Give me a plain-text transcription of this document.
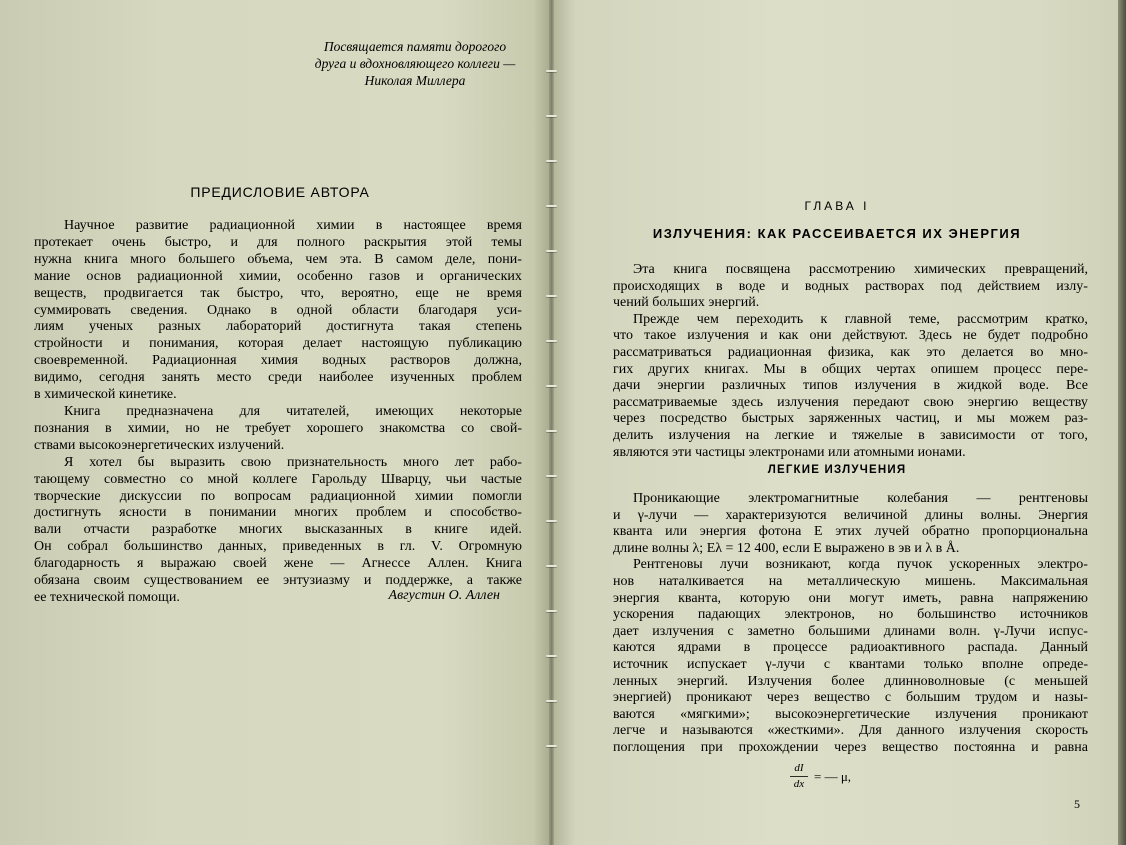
Посвящается памяти дорогого
друга и вдохновляющего коллеги —
Николая Миллера
ПРЕДИСЛОВИЕ АВТОРА
Научное развитие радиационной химии в настоящее время
протекает очень быстро, и для полного раскрытия этой темы
нужна книга много большего объема, чем эта. В самом деле, пони-
мание основ радиационной химии, особенно газов и органических
веществ, продвигается так быстро, что, вероятно, еще не время
суммировать сведения. Однако в одной области благодаря уси-
лиям ученых разных лабораторий достигнута такая степень
стройности и понимания, которая делает настоящую публикацию
своевременной. Радиационная химия водных растворов должна,
видимо, сегодня занять место среди наиболее изученных проблем
в химической кинетике.
Книга предназначена для читателей, имеющих некоторые
познания в химии, но не требует хорошего знакомства со свой-
ствами высокоэнергетических излучений.
Я хотел бы выразить свою признательность много лет рабо-
тающему совместно со мной коллеге Гарольду Шварцу, чьи частые
творческие дискуссии по вопросам радиационной химии помогли
достигнуть ясности в понимании многих проблем и способство-
вали отчасти разработке многих высказанных в книге идей.
Он собрал большинство данных, приведенных в гл. V. Огромную
благодарность я выражаю своей жене — Агнессе Аллен. Книга
обязана своим существованием ее энтузиазму и поддержке, а также
ее технической помощи.	Августин О. Аллен
ГЛАВА I
ИЗЛУЧЕНИЯ: КАК РАССЕИВАЕТСЯ ИХ ЭНЕРГИЯ
Эта книга посвящена рассмотрению химических превращений,
происходящих в воде и водных растворах под действием излу-
чений больших энергий.
Прежде чем переходить к главной теме, рассмотрим кратко,
что такое излучения и как они действуют. Здесь не будет подробно
рассматриваться радиационная физика, как это делается во мно-
гих других книгах. Мы в общих чертах опишем процесс пере-
дачи энергии различных типов излучения в жидкой воде. Все
рассматриваемые здесь излучения передают свою энергию веществу
через посредство быстрых заряженных частиц, и мы можем раз-
делить излучения на легкие и тяжелые в зависимости от того,
являются эти частицы электронами или атомными ионами.
ЛЕГКИЕ ИЗЛУЧЕНИЯ
Проникающие электромагнитные колебания — рентгеновы
и γ-лучи — характеризуются величиной длины волны. Энергия
кванта или энергия фотона E этих лучей обратно пропорциональна
длине волны λ; Eλ = 12 400, если E выражено в эв и λ в Å.
Рентгеновы лучи возникают, когда пучок ускоренных электро-
нов наталкивается на металлическую мишень. Максимальная
энергия кванта, которую они могут иметь, равна напряжению
ускорения падающих электронов, но большинство источников
дает излучения с заметно большими длинами волн. γ-Лучи испус-
каются ядрами в процессе радиоактивного распада. Данный
источник испускает γ-лучи с квантами только вполне опреде-
ленных энергий. Излучения более длинноволновые (с меньшей
энергией) проникают через вещество с большим трудом и назы-
ваются «мягкими»; высокоэнергетические излучения проникают
легче и называются «жесткими». Для данного излучения скорость
поглощения при прохождении через вещество постоянна и равна
$\frac{dI}{dx}$ = — μ,
5
